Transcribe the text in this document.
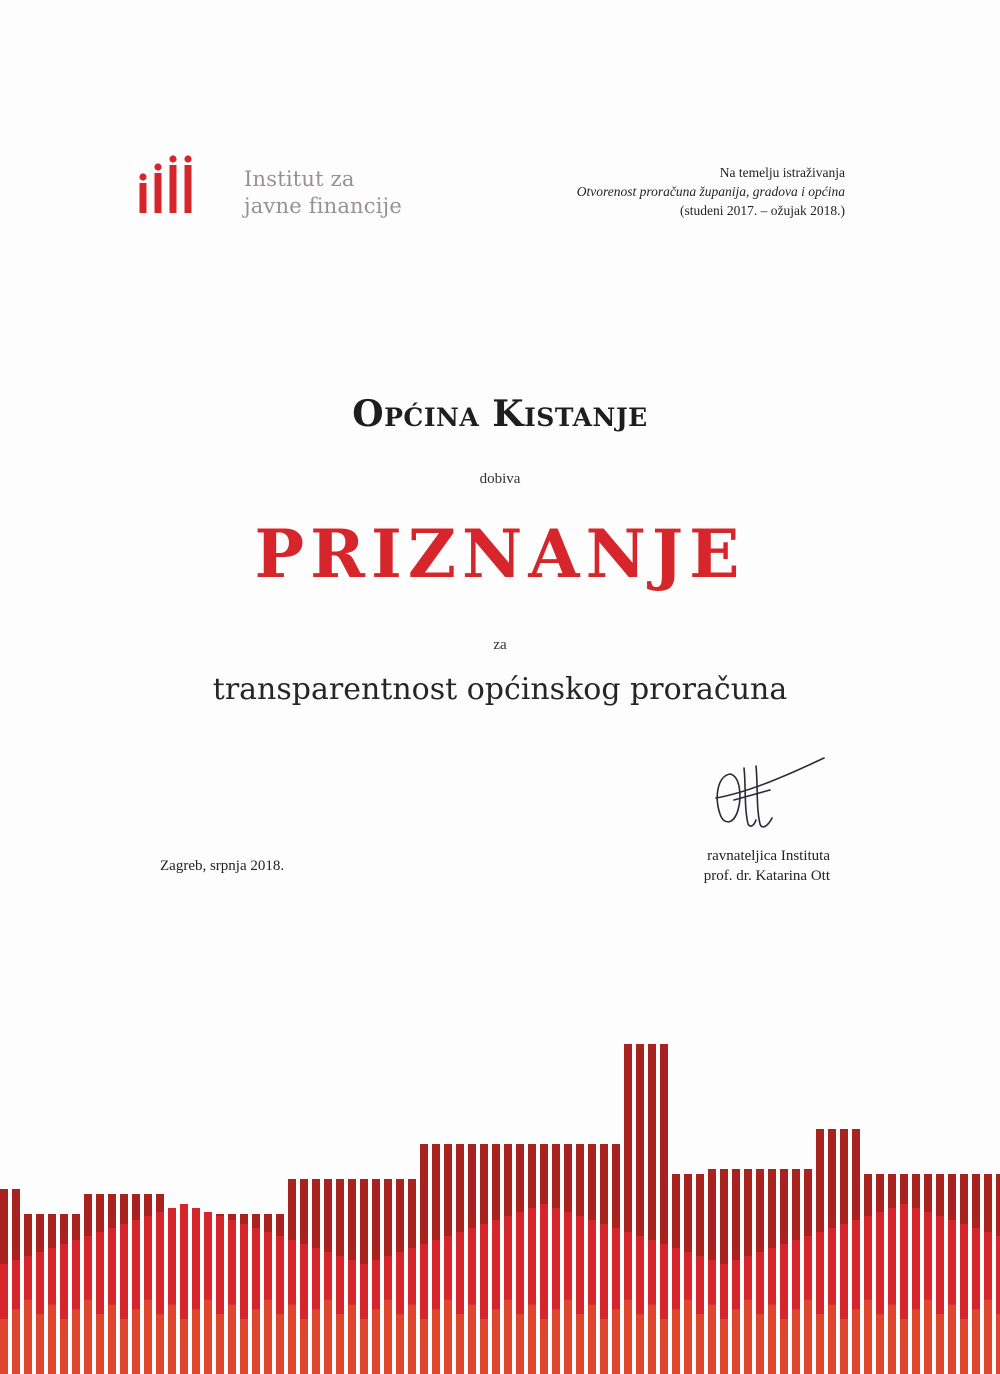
Institut za
javne financije
Na temelju istraživanja
Otvorenost proračuna županija, gradova i općina
(studeni 2017. – ožujak 2018.)
Općina Kistanje
dobiva
PRIZNANJE
za
transparentnost općinskog proračuna
Zagreb, srpnja 2018.
ravnateljica Instituta
prof. dr. Katarina Ott
